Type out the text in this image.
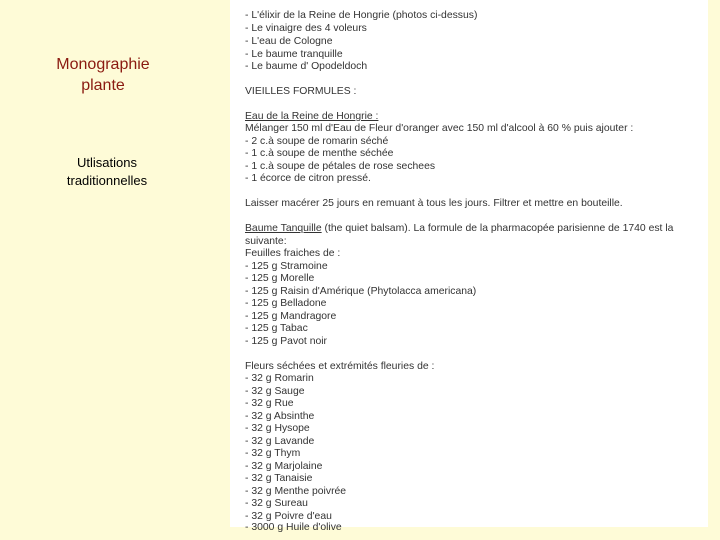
Monographie
plante
Utlisations
traditionnelles
- L'élixir de la Reine de Hongrie (photos ci-dessus)
- Le vinaigre des 4 voleurs
- L'eau de Cologne
- Le baume tranquille
- Le baume d' Opodeldoch
VIEILLES FORMULES :
Eau de la Reine de Hongrie :
Mélanger 150 ml d'Eau de Fleur d'oranger avec 150 ml d'alcool à 60 % puis ajouter :
- 2 c.à soupe de romarin séché
- 1 c.à soupe de menthe séchée
- 1 c.à soupe de pétales de rose sechees
- 1 écorce de citron pressé.
Laisser macérer 25 jours en remuant à tous les jours. Filtrer et mettre en bouteille.
Baume Tanquille (the quiet balsam). La formule de la pharmacopée parisienne de 1740 est la
suivante:
Feuilles fraiches de :
- 125 g Stramoine
- 125 g Morelle
- 125 g Raisin d'Amérique (Phytolacca americana)
- 125 g Belladone
- 125 g Mandragore
- 125 g Tabac
- 125 g Pavot noir
Fleurs séchées et extrémités fleuries de :
- 32 g Romarin
- 32 g Sauge
- 32 g Rue
- 32 g Absinthe
- 32 g Hysope
- 32 g Lavande
- 32 g Thym
- 32 g Marjolaine
- 32 g Tanaisie
- 32 g Menthe poivrée
- 32 g Sureau
- 32 g Poivre d'eau
- 3000 g Huile d'olive
